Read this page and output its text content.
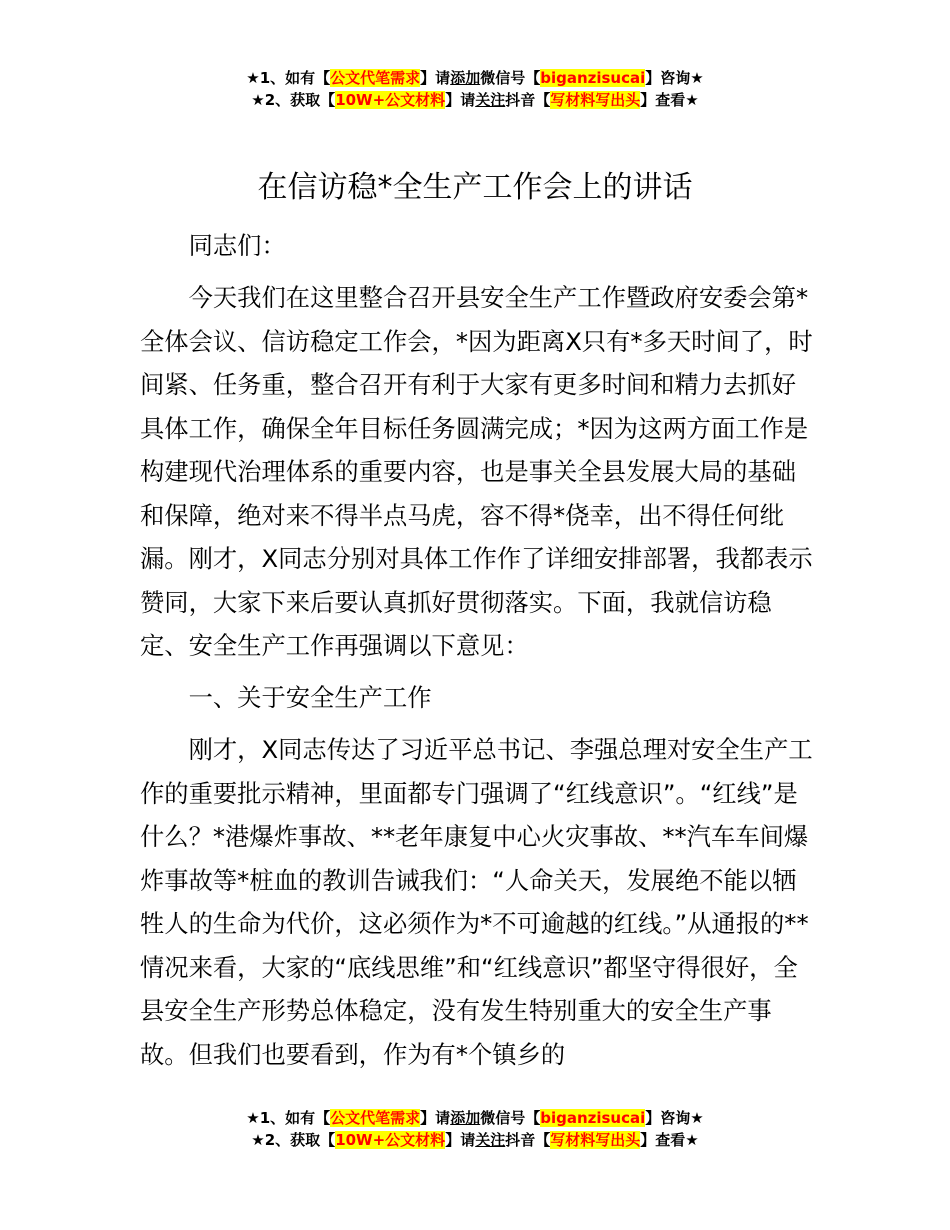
★1、如有【公文代笔需求】请添加微信号【biganzisucai】咨询★
★2、获取【10W+公文材料】请关注抖音【写材料写出头】查看★
在信访稳*全生产工作会上的讲话

同志们：

今天我们在这里整合召开县安全生产工作暨政府安委会第*全体会议、信访稳定工作会，*因为距离X只有*多天时间了，时间紧、任务重，整合召开有利于大家有更多时间和精力去抓好具体工作，确保全年目标任务圆满完成；*因为这两方面工作是构建现代治理体系的重要内容，也是事关全县发展大局的基础和保障，绝对来不得半点马虎，容不得*侥幸，出不得任何纰漏。刚才，X同志分别对具体工作作了详细安排部署，我都表示赞同，大家下来后要认真抓好贯彻落实。下面，我就信访稳定、安全生产工作再强调以下意见：

一、关于安全生产工作

刚才，X同志传达了习近平总书记、李强总理对安全生产工作的重要批示精神，里面都专门强调了“红线意识”。“红线”是什么？*港爆炸事故、**老年康复中心火灾事故、**汽车车间爆炸事故等*桩血的教训告诫我们：“人命关天，发展绝不能以牺牲人的生命为代价，这必须作为*不可逾越的红线。”从通报的**情况来看，大家的“底线思维”和“红线意识”都坚守得很好，全县安全生产形势总体稳定，没有发生特别重大的安全生产事故。但我们也要看到，作为有*个镇乡的

★1、如有【公文代笔需求】请添加微信号【biganzisucai】咨询★
★2、获取【10W+公文材料】请关注抖音【写材料写出头】查看★
